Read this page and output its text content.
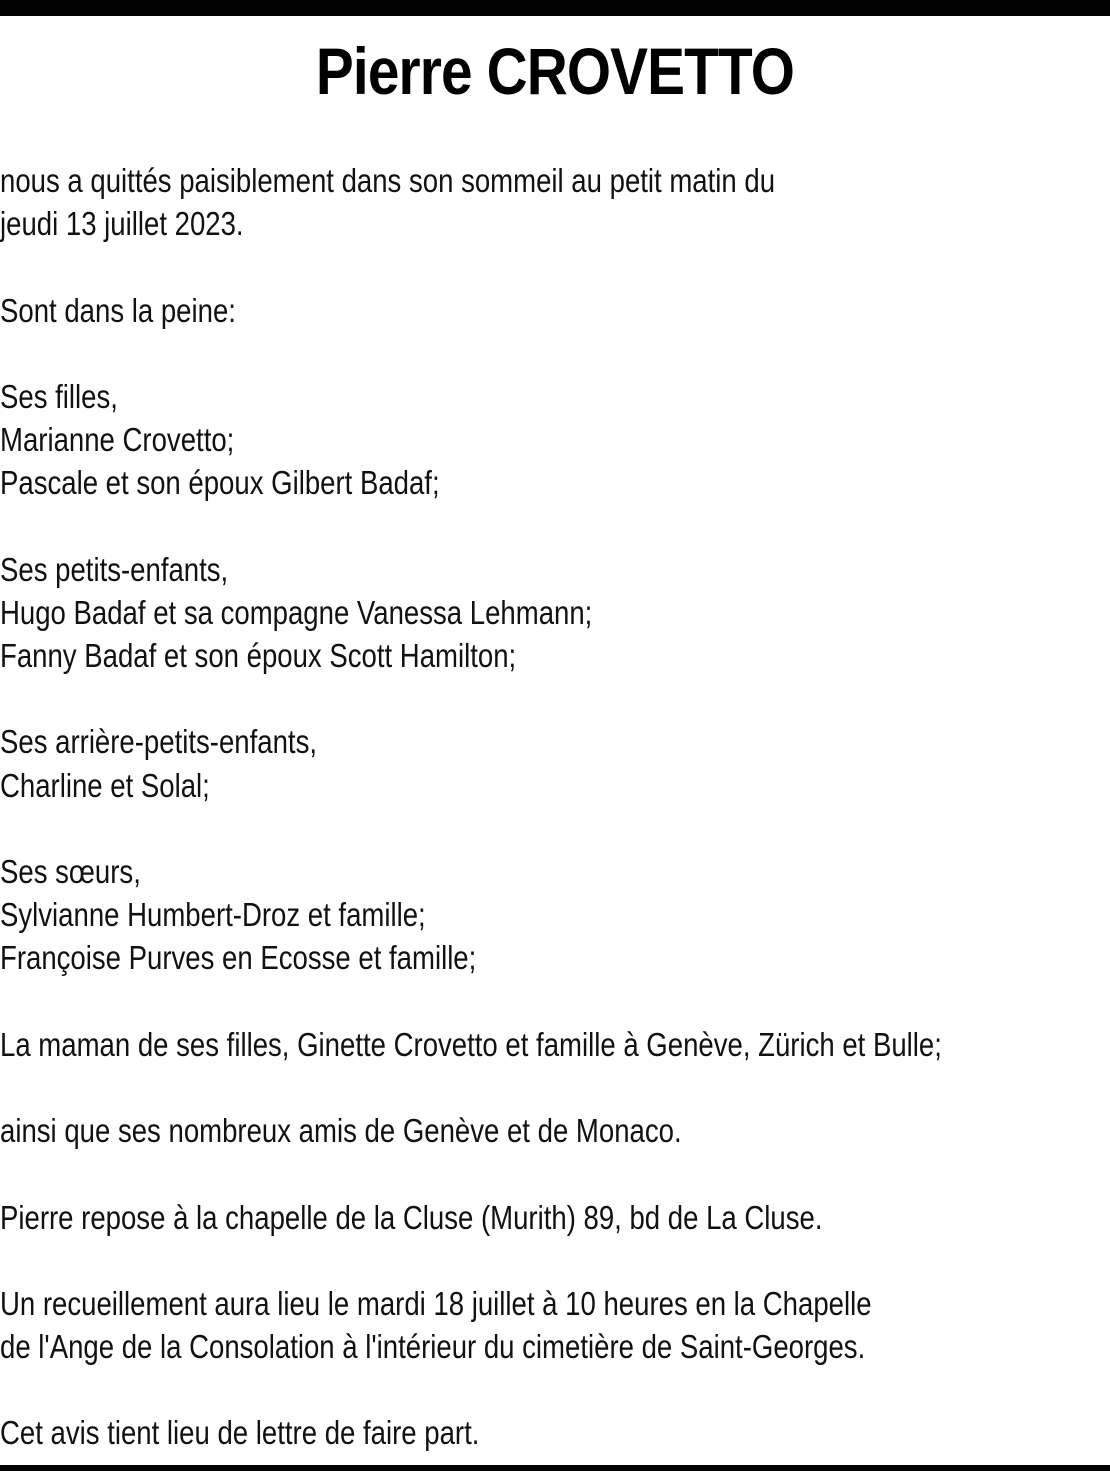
Pierre CROVETTO
nous a quittés paisiblement dans son sommeil au petit matin du
jeudi 13 juillet 2023.
Sont dans la peine:
Ses filles,
Marianne Crovetto;
Pascale et son époux Gilbert Badaf;
Ses petits-enfants,
Hugo Badaf et sa compagne Vanessa Lehmann;
Fanny Badaf et son époux Scott Hamilton;
Ses arrière-petits-enfants,
Charline et Solal;
Ses sœurs,
Sylvianne Humbert-Droz et famille;
Françoise Purves en Ecosse et famille;
La maman de ses filles, Ginette Crovetto et famille à Genève, Zürich et Bulle;
ainsi que ses nombreux amis de Genève et de Monaco.
Pierre repose à la chapelle de la Cluse (Murith) 89, bd de La Cluse.
Un recueillement aura lieu le mardi 18 juillet à 10 heures en la Chapelle
de l'Ange de la Consolation à l'intérieur du cimetière de Saint-Georges.
Cet avis tient lieu de lettre de faire part.
